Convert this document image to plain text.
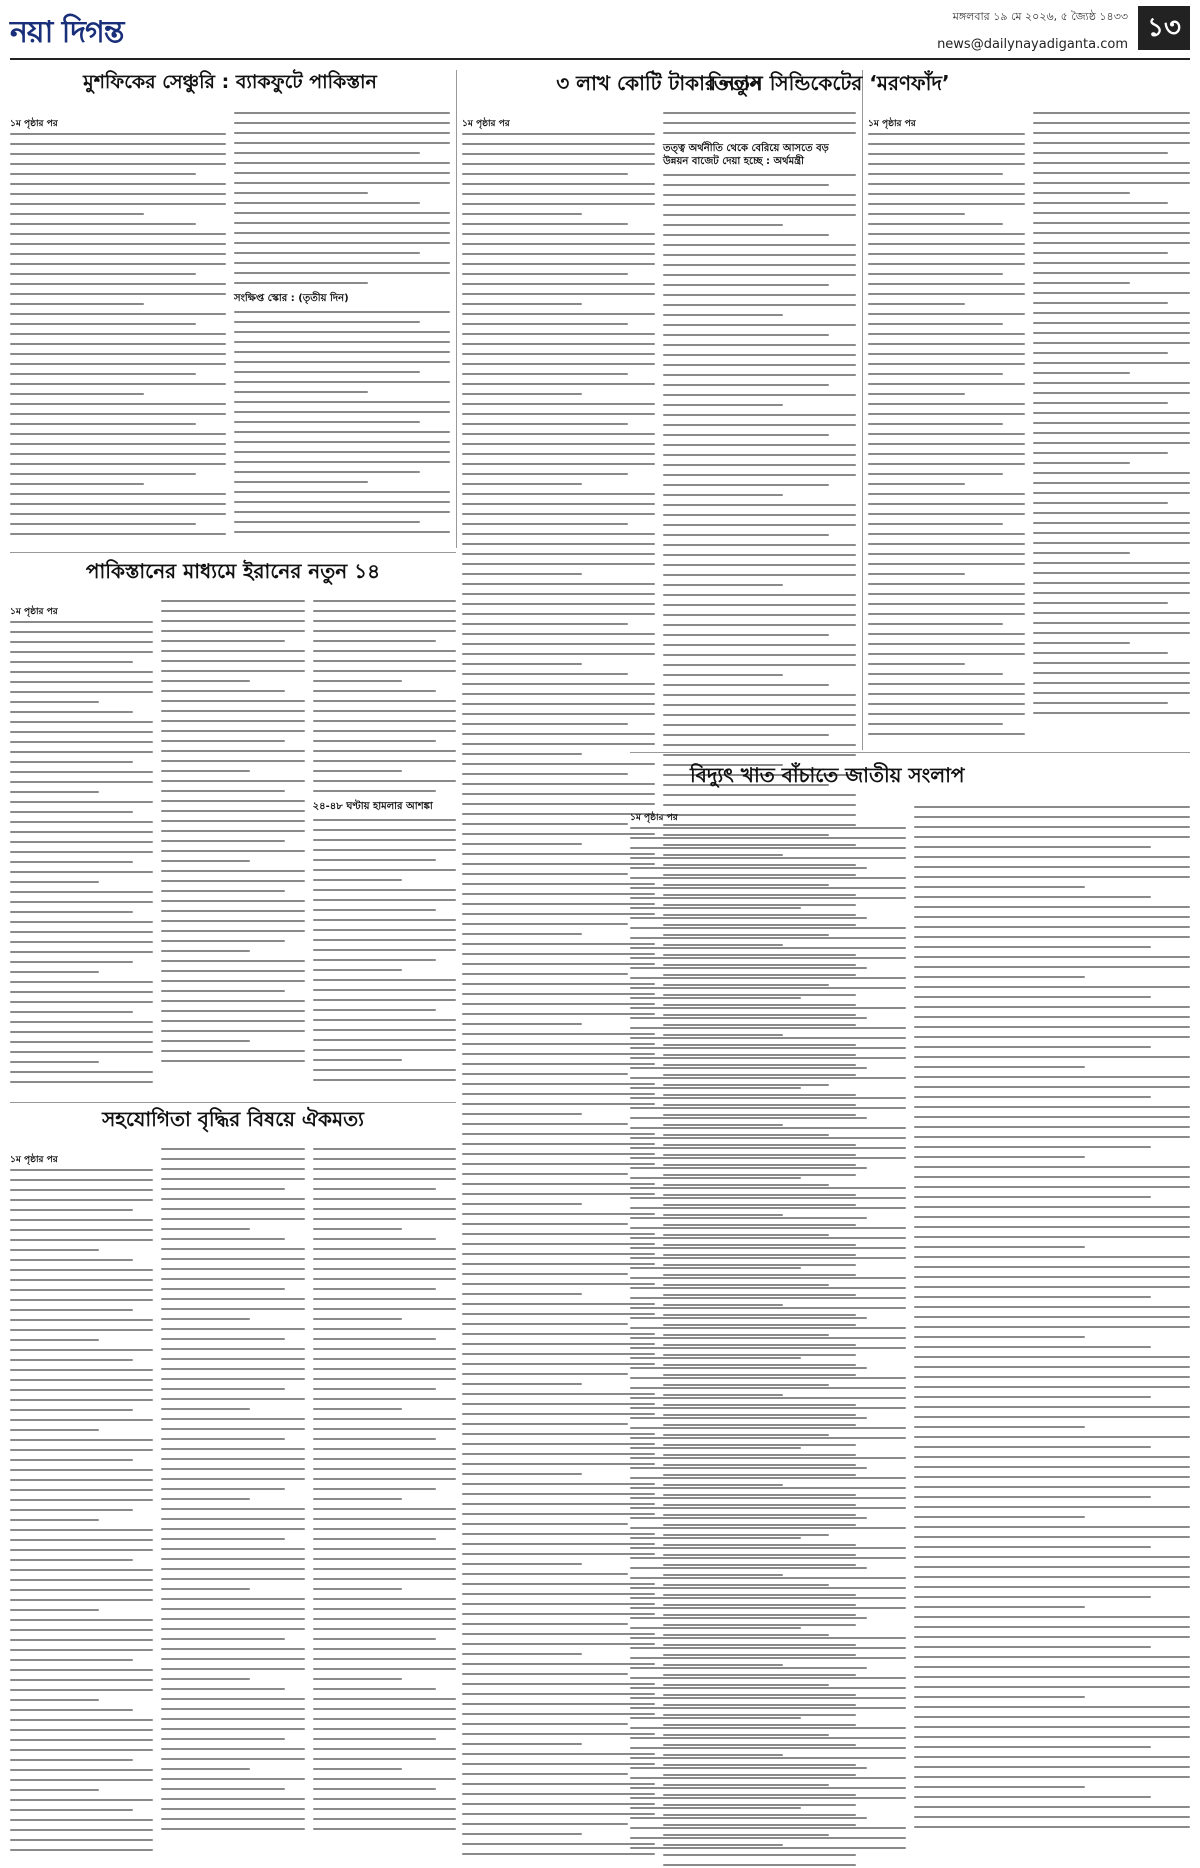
নয়া দিগন্ত	মঙ্গলবার ১৯ মে ২০২৬, ৫ জ্যৈষ্ঠ ১৪৩৩
news@dailynayadiganta.com
১৩
মুশফিকের সেঞ্চুরি : ব্যাকফুটে পাকিস্তান
১ম পৃষ্ঠার পর
সংক্ষিপ্ত স্কোর : (তৃতীয় দিন)
৩ লাখ কোটি টাকার নতুন
১ম পৃষ্ঠার পর
তত্ত্ব অর্থনীতি থেকে বেরিয়ে আসতে বড় উন্নয়ন বাজেট দেয়া হচ্ছে : অর্থমন্ত্রী
তিতাস সিন্ডিকেটের ‘মরণফাঁদ’
১ম পৃষ্ঠার পর
পাকিস্তানের মাধ্যমে ইরানের নতুন ১৪
১ম পৃষ্ঠার পর
২৪-৪৮ ঘণ্টায় হামলার আশঙ্কা
বিদ্যুৎ খাত বাঁচাতে জাতীয় সংলাপ
১ম পৃষ্ঠার পর
সহযোগিতা বৃদ্ধির বিষয়ে ঐকমত্য
১ম পৃষ্ঠার পর
